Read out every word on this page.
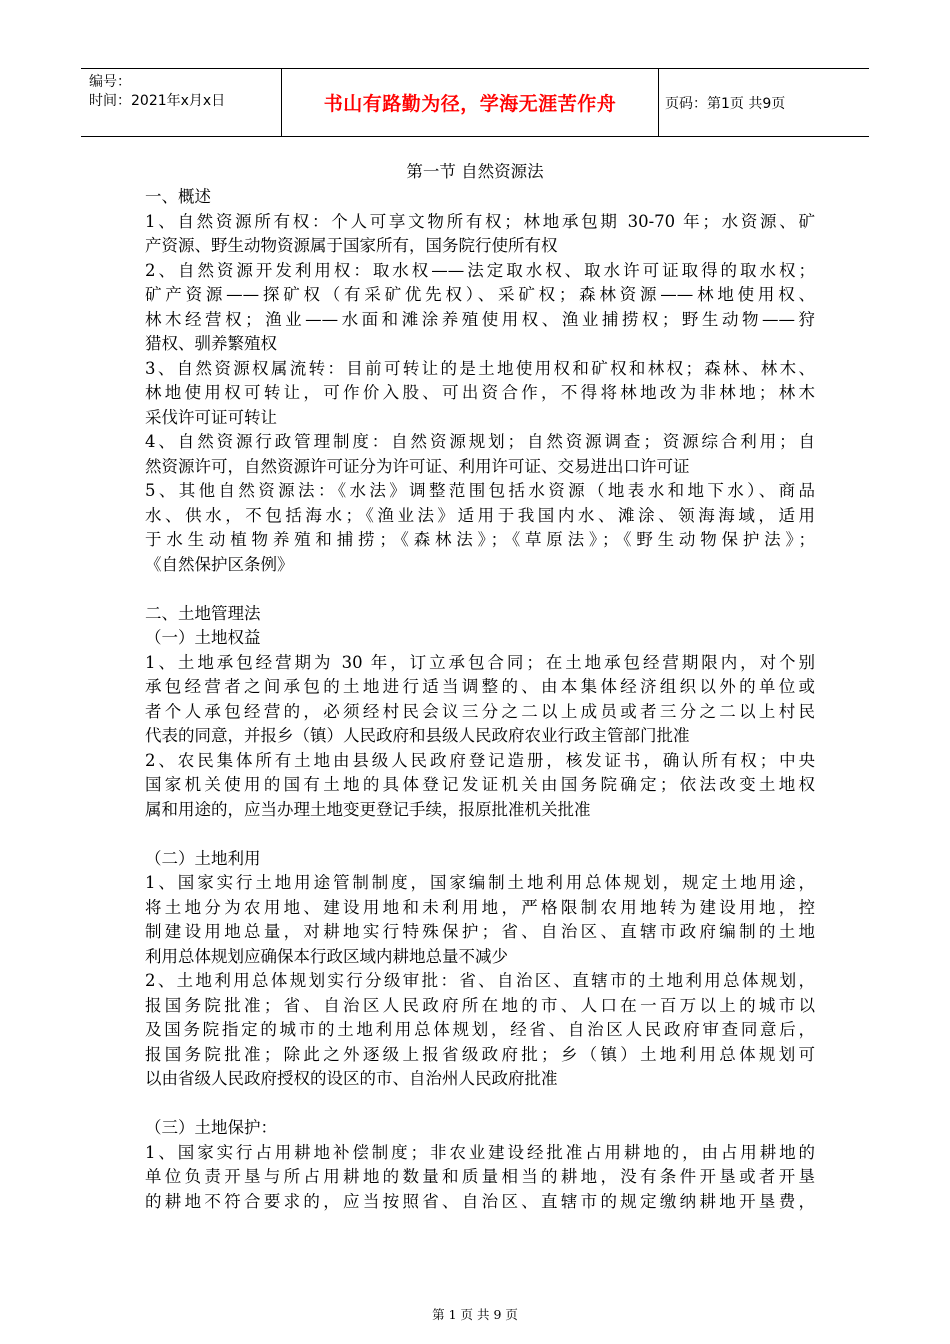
编号：
时间：2021年x月x日	书山有路勤为径，学海无涯苦作舟	页码：第1页 共9页
第一节 自然资源法
一、概述
1、自然资源所有权：个人可享文物所有权；林地承包期 30-70 年；水资源、矿
产资源、野生动物资源属于国家所有，国务院行使所有权
2、自然资源开发利用权：取水权——法定取水权、取水许可证取得的取水权；
矿产资源——探矿权（有采矿优先权）、采矿权；森林资源——林地使用权、
林木经营权；渔业——水面和滩涂养殖使用权、渔业捕捞权；野生动物——狩
猎权、驯养繁殖权
3、自然资源权属流转：目前可转让的是土地使用权和矿权和林权；森林、林木、
林地使用权可转让，可作价入股、可出资合作，不得将林地改为非林地；林木
采伐许可证可转让
4、自然资源行政管理制度：自然资源规划；自然资源调查；资源综合利用；自
然资源许可，自然资源许可证分为许可证、利用许可证、交易进出口许可证
5、其他自然资源法：《水法》调整范围包括水资源（地表水和地下水）、商品
水、供水，不包括海水；《渔业法》适用于我国内水、滩涂、领海海域，适用
于水生动植物养殖和捕捞；《森林法》；《草原法》；《野生动物保护法》；
《自然保护区条例》
二、土地管理法
（一）土地权益
1、土地承包经营期为 30 年，订立承包合同；在土地承包经营期限内，对个别
承包经营者之间承包的土地进行适当调整的、由本集体经济组织以外的单位或
者个人承包经营的，必须经村民会议三分之二以上成员或者三分之二以上村民
代表的同意，并报乡（镇）人民政府和县级人民政府农业行政主管部门批准
2、农民集体所有土地由县级人民政府登记造册，核发证书，确认所有权；中央
国家机关使用的国有土地的具体登记发证机关由国务院确定；依法改变土地权
属和用途的，应当办理土地变更登记手续，报原批准机关批准
（二）土地利用
1、国家实行土地用途管制制度，国家编制土地利用总体规划，规定土地用途，
将土地分为农用地、建设用地和未利用地，严格限制农用地转为建设用地，控
制建设用地总量，对耕地实行特殊保护；省、自治区、直辖市政府编制的土地
利用总体规划应确保本行政区域内耕地总量不减少
2、土地利用总体规划实行分级审批：省、自治区、直辖市的土地利用总体规划，
报国务院批准；省、自治区人民政府所在地的市、人口在一百万以上的城市以
及国务院指定的城市的土地利用总体规划，经省、自治区人民政府审查同意后，
报国务院批准；除此之外逐级上报省级政府批；乡（镇）土地利用总体规划可
以由省级人民政府授权的设区的市、自治州人民政府批准
（三）土地保护：
1、国家实行占用耕地补偿制度；非农业建设经批准占用耕地的，由占用耕地的
单位负责开垦与所占用耕地的数量和质量相当的耕地，没有条件开垦或者开垦
的耕地不符合要求的，应当按照省、自治区、直辖市的规定缴纳耕地开垦费，
第 1 页 共 9 页
